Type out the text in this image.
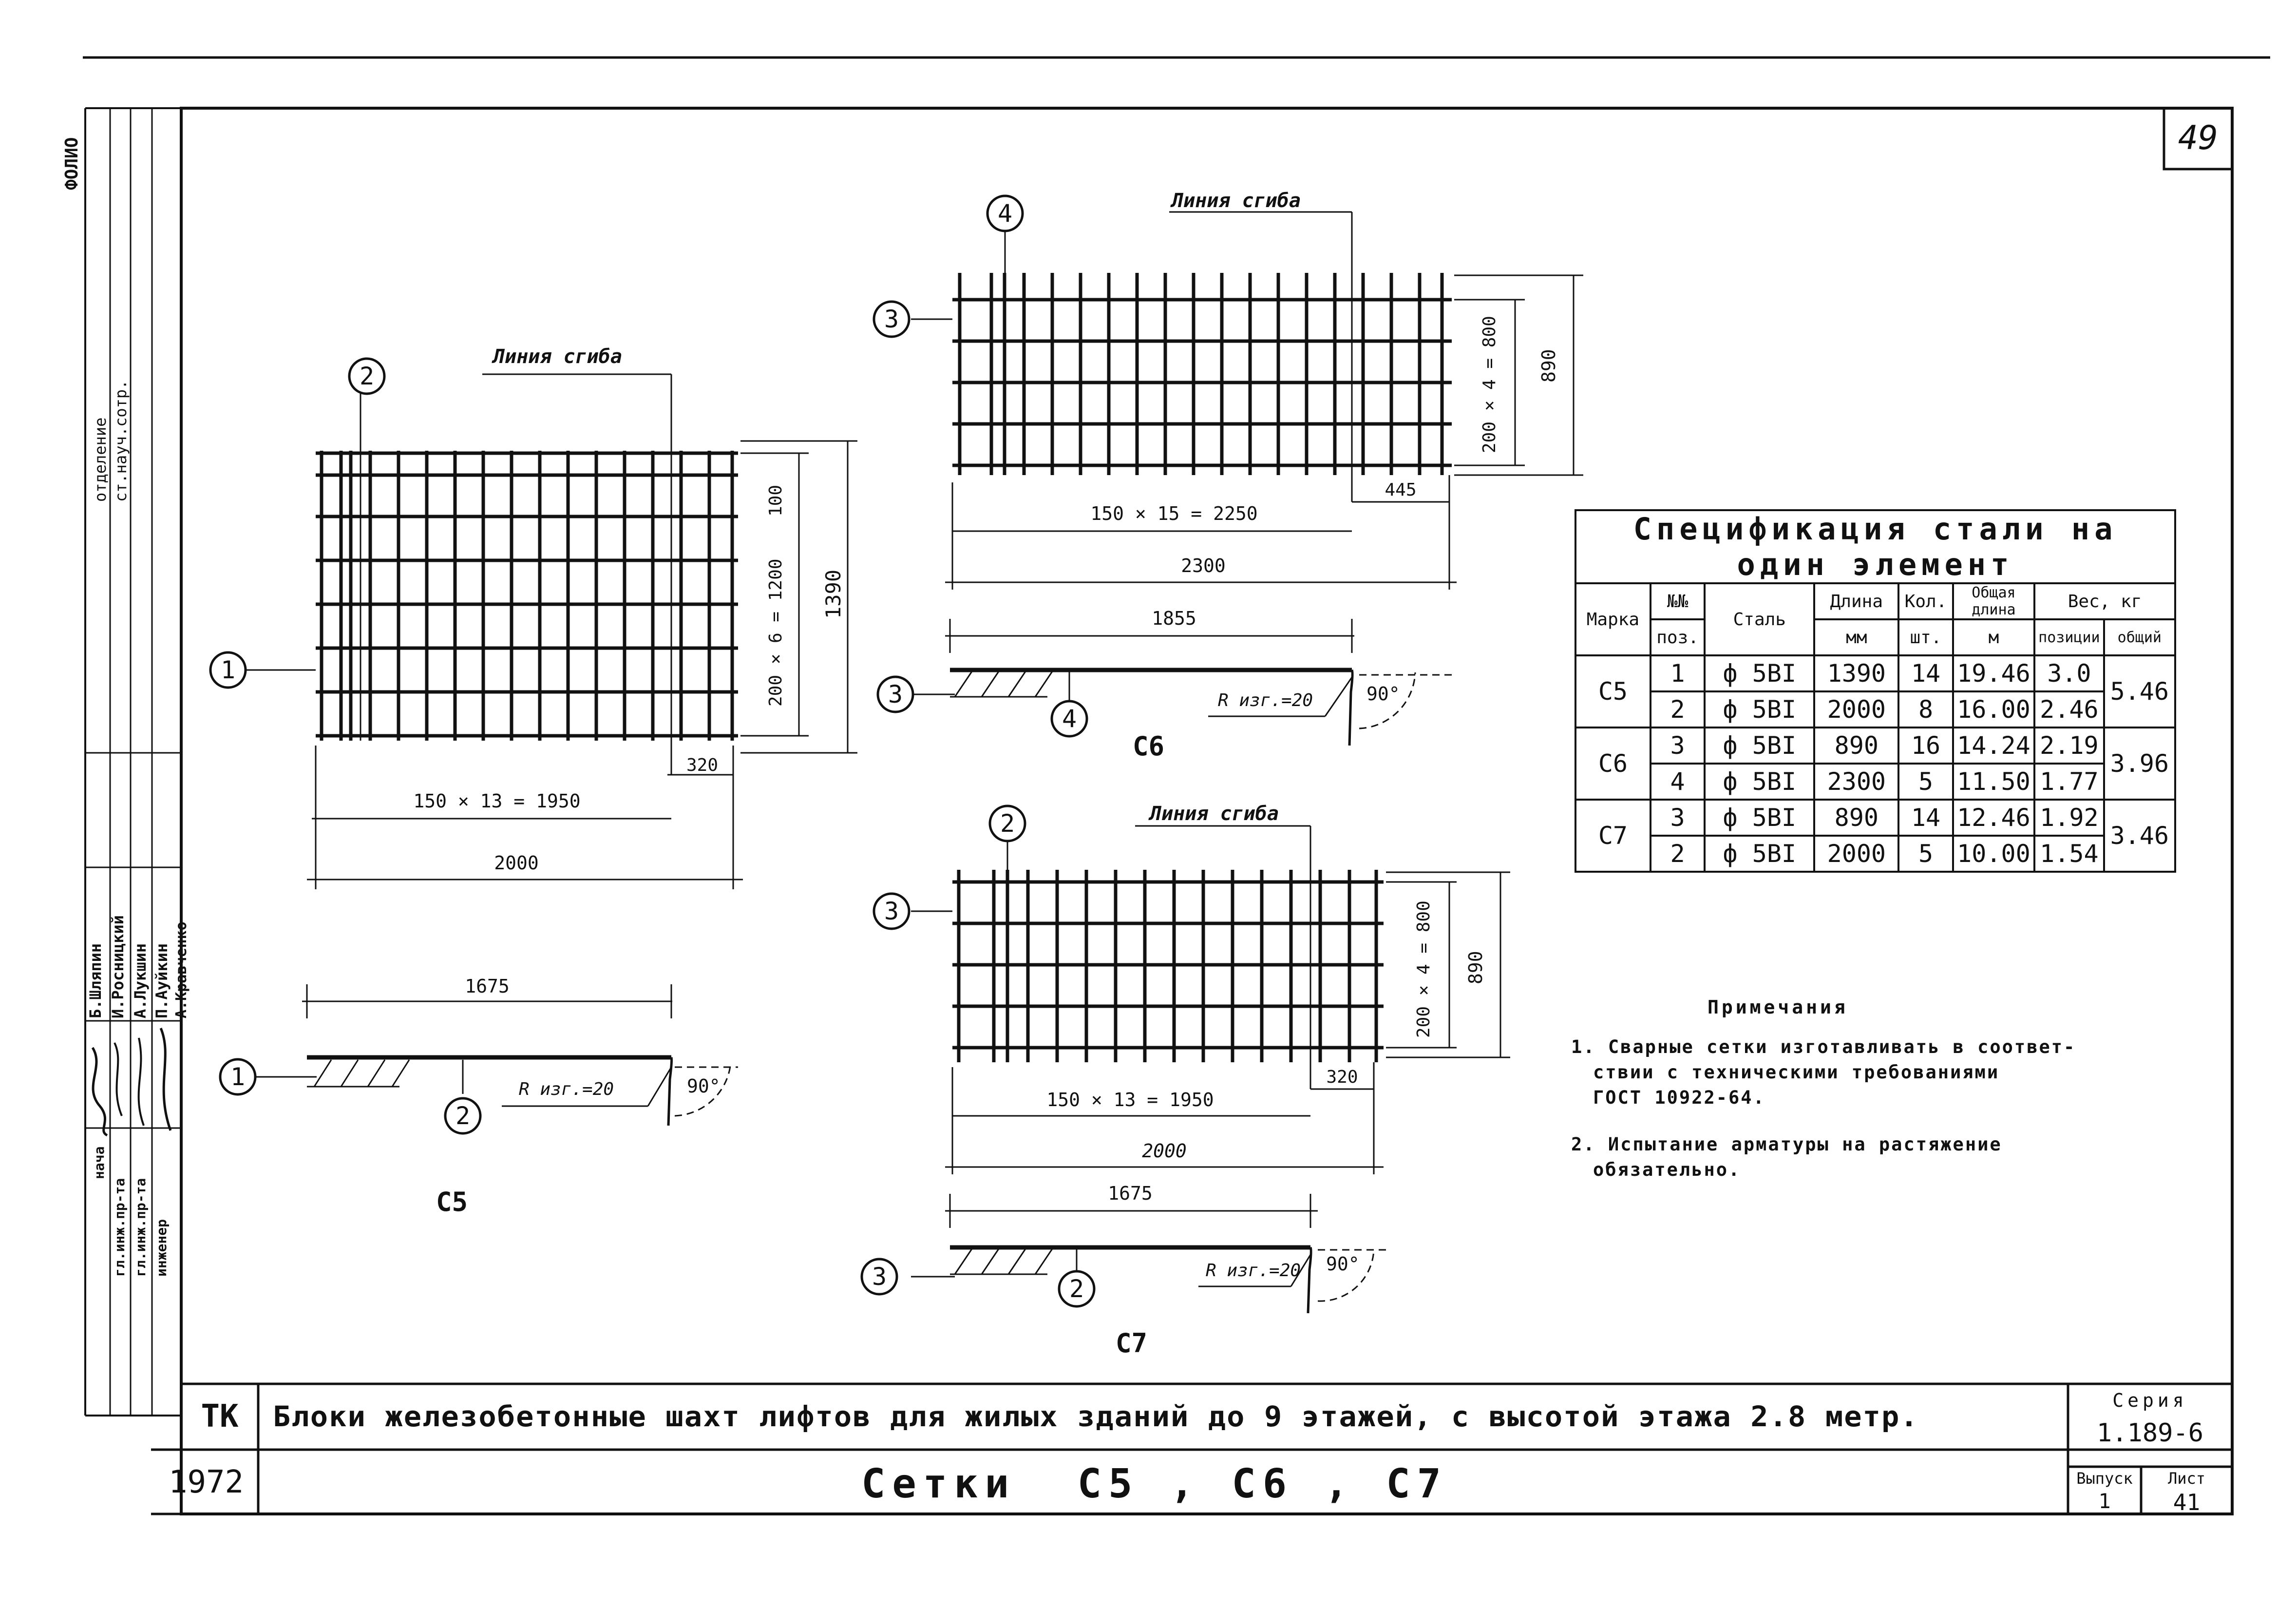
2
1
1
2
4
3
3
4
2
3
3	2
ФОЛИО
отделение ст.науч.сотр.
Б.Шляпин И.Росницкий А.Лукшин П.Ауйкин А.Кравченко
нача
гл.инж.пр-та гл.инж.пр-та инженер
49
Линия сгиба
150 × 13 = 1950
320
2000
200 × 6 = 1200
100
1390
1675
R изг.=20	90°
С5
Линия сгиба
200 × 4 = 800 890
445
150 × 15 = 2250
2300
1855
R изг.=20	90°
С6
Линия сгиба
200 × 4 = 800 890
320
150 × 13 = 1950
2000
1675
R изг.=20 90°
С7
Спецификация стали на один элемент							
Марка	№№	Сталь	Длина	Кол.	Общая длина	Вес, кг	
	поз.		мм	шт.	м	позиции	общий
С5	1	ф 5ВI	1390	14	19.46	3.0	5.46
	2	ф 5ВI	2000	8	16.00	2.46	
С6	3	ф 5ВI	890	16	14.24	2.19	3.96
	4	ф 5ВI	2300	5	11.50	1.77	
С7	3	ф 5ВI	890	14	12.46	1.92	3.46
	2	ф 5ВI	2000	5	10.00	1.54	
Примечания
1. Сварные сетки изготавливать в соответ-
ствии с техническими требованиями
ГОСТ 10922-64.
2. Испытание арматуры на растяжение
обязательно.
ТК
1972
Блоки железобетонные шахт лифтов для жилых зданий до 9 этажей, с высотой этажа 2.8 метр.
Сетки  С5 , С6 , С7
Серия
1.189-6
Выпуск
1
Лист
41
